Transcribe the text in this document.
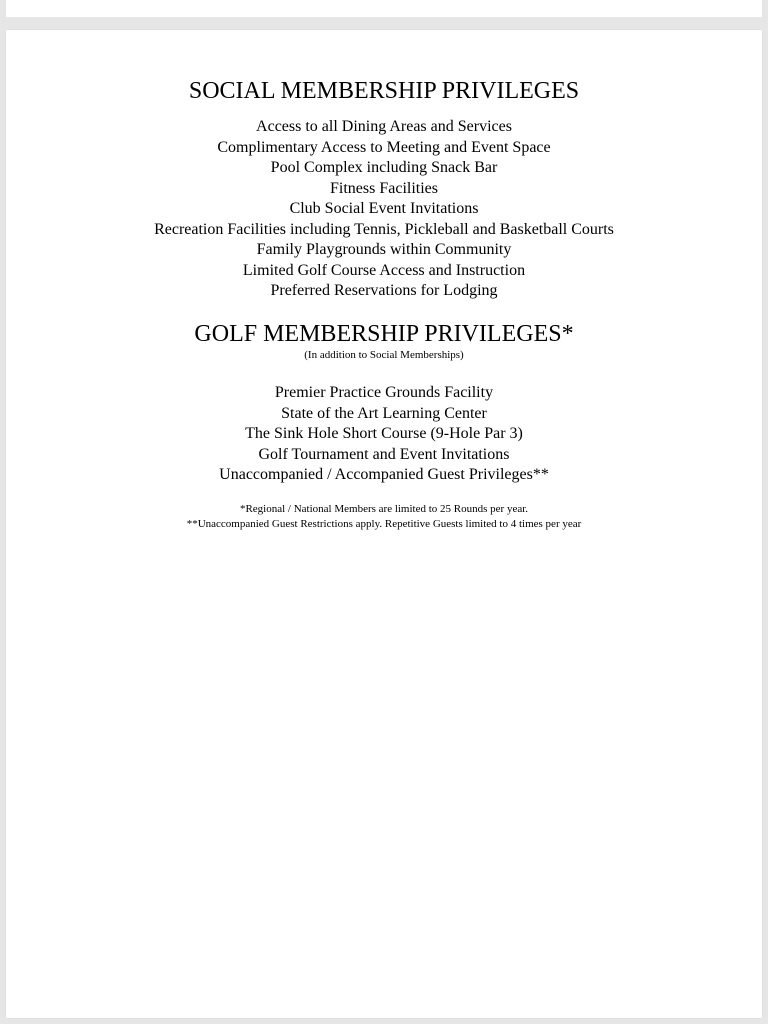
SOCIAL MEMBERSHIP PRIVILEGES
Access to all Dining Areas and Services
Complimentary Access to Meeting and Event Space
Pool Complex including Snack Bar
Fitness Facilities
Club Social Event Invitations
Recreation Facilities including Tennis, Pickleball and Basketball Courts
Family Playgrounds within Community
Limited Golf Course Access and Instruction
Preferred Reservations for Lodging
GOLF MEMBERSHIP PRIVILEGES*

(In addition to Social Memberships)

Premier Practice Grounds Facility
State of the Art Learning Center
The Sink Hole Short Course (9-Hole Par 3)
Golf Tournament and Event Invitations
Unaccompanied / Accompanied Guest Privileges**
*Regional / National Members are limited to 25 Rounds per year.
**Unaccompanied Guest Restrictions apply. Repetitive Guests limited to 4 times per year
